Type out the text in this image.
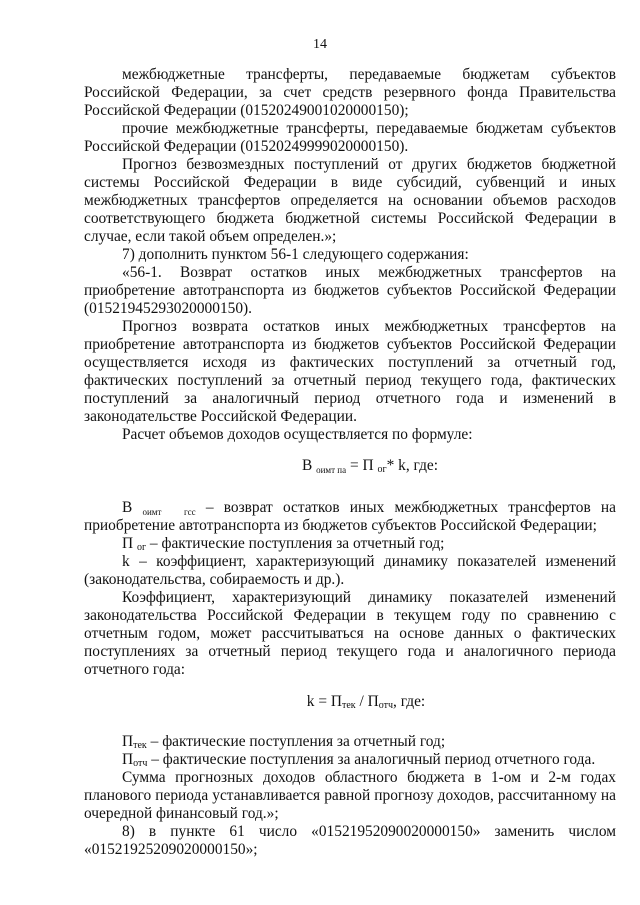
14

межбюджетные трансферты, передаваемые бюджетам субъектов Российской Федерации, за счет средств резервного фонда Правительства Российской Федерации (01520249001020000150);

прочие межбюджетные трансферты, передаваемые бюджетам субъектов Российской Федерации (01520249999020000150).

Прогноз безвозмездных поступлений от других бюджетов бюджетной системы Российской Федерации в виде субсидий, субвенций и иных межбюджетных трансфертов определяется на основании объемов расходов соответствующего бюджета бюджетной системы Российской Федерации в случае, если такой объем определен.»;

7) дополнить пунктом 56-1 следующего содержания:

«56-1. Возврат остатков иных межбюджетных трансфертов на приобретение автотранспорта из бюджетов субъектов Российской Федерации (01521945293020000150).

Прогноз возврата остатков иных межбюджетных трансфертов на приобретение автотранспорта из бюджетов субъектов Российской Федерации осуществляется исходя из фактических поступлений за отчетный год, фактических поступлений за отчетный период текущего года, фактических поступлений за аналогичный период отчетного года и изменений в законодательстве Российской Федерации.

Расчет объемов доходов осуществляется по формуле:

В $_{оимт па}$ = П $_{ог}$* k, где:

В $_{оимт гсс}$ – возврат остатков иных межбюджетных трансфертов на приобретение автотранспорта из бюджетов субъектов Российской Федерации;

П $_{ог}$ – фактические поступления за отчетный год;

k – коэффициент, характеризующий динамику показателей изменений (законодательства, собираемость и др.).

Коэффициент, характеризующий динамику показателей изменений законодательства Российской Федерации в текущем году по сравнению с отчетным годом, может рассчитываться на основе данных о фактических поступлениях за отчетный период текущего года и аналогичного периода отчетного года:

$k = П_{тек} / П_{отч}$, где:

$П_{тек}$ – фактические поступления за отчетный год;

$П_{отч}$ – фактические поступления за аналогичный период отчетного года.

Сумма прогнозных доходов областного бюджета в 1-ом и 2-м годах планового периода устанавливается равной прогнозу доходов, рассчитанному на очередной финансовый год.»;

8) в пункте 61 число «01521952090020000150» заменить числом «01521925209020000150»;
